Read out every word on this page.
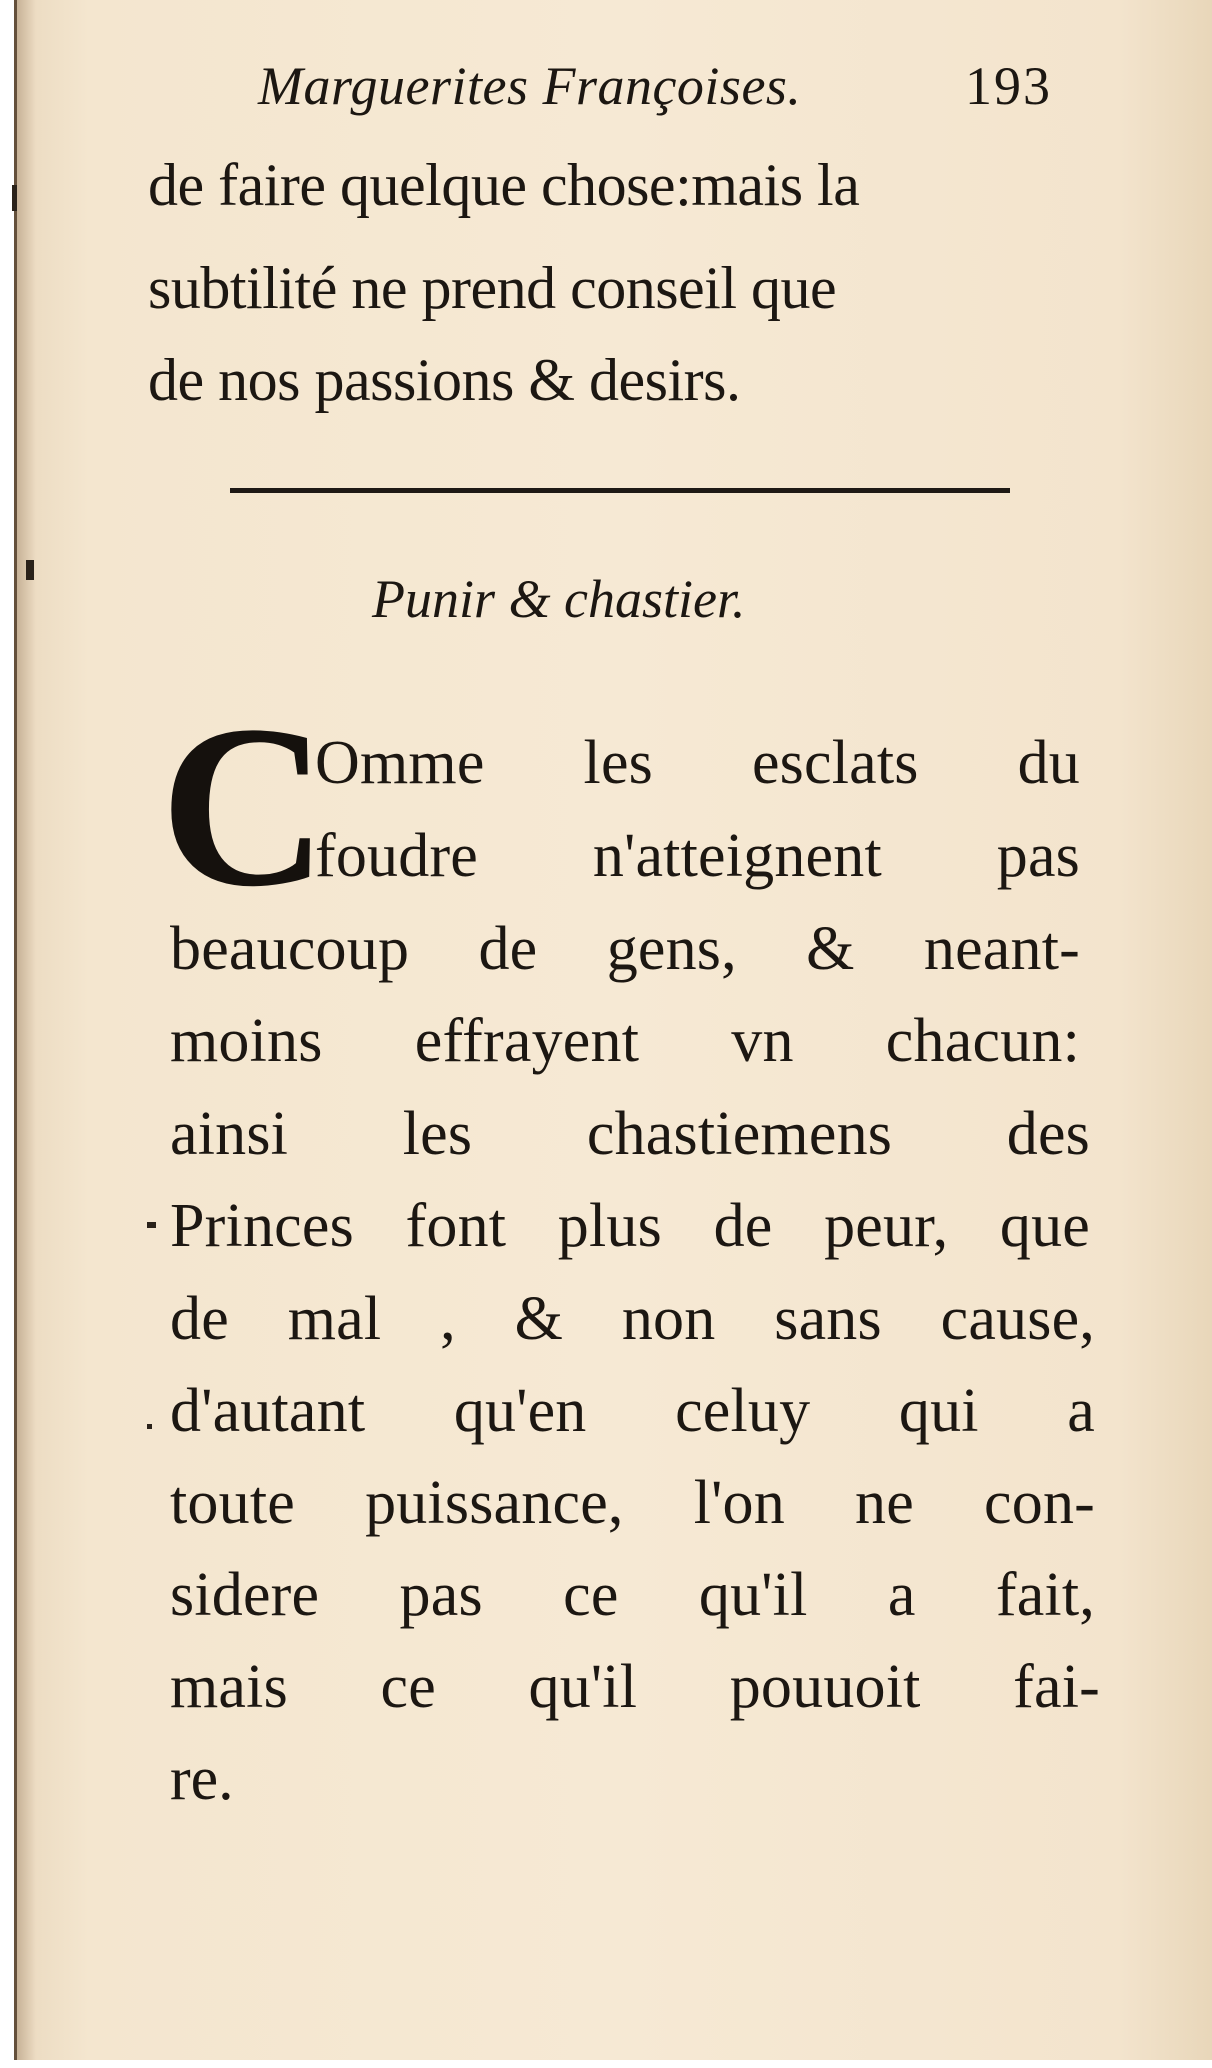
Marguerites Françoises.	193

de faire quelque chose:mais la

subtilité ne prend conseil que

de nos passions & desirs.

Punir & chastier.

C

Omme les esclats du

foudre n'atteignent pas

beaucoup de gens, & neant-

moins effrayent vn chacun:

ainsi les chastiemens des

Princes font plus de peur, que

de mal , & non sans cause,

d'autant qu'en celuy qui a

toute puissance, l'on ne con-

sidere pas ce qu'il a fait,

mais ce qu'il pouuoit fai-

re.
